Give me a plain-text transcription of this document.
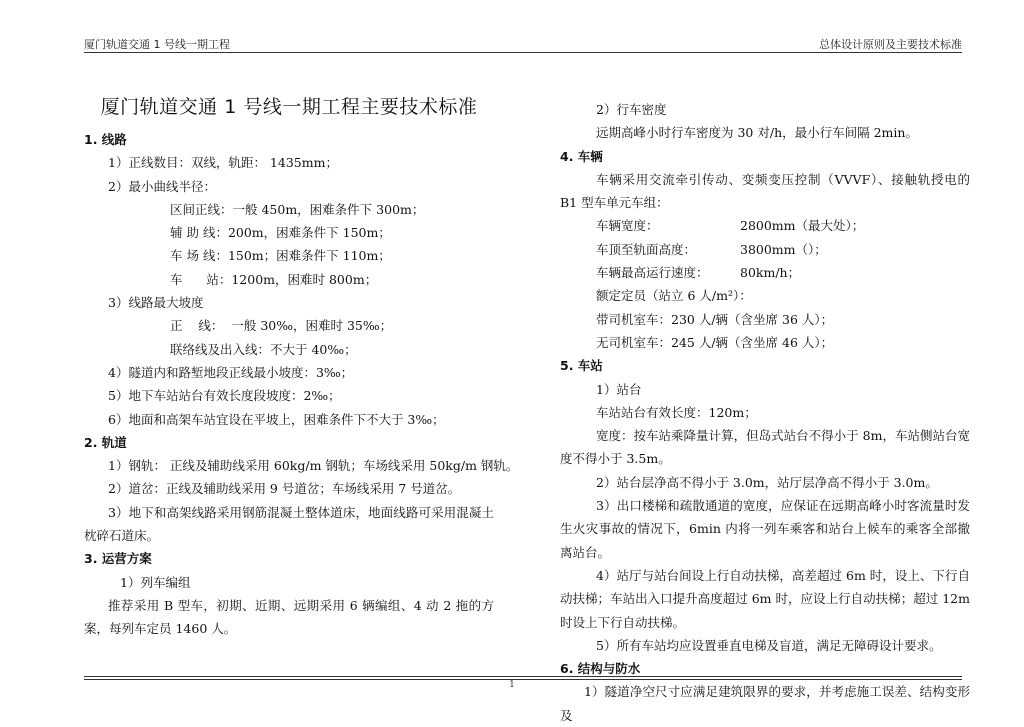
厦门轨道交通 1 号线一期工程	总体设计原则及主要技术标准
厦门轨道交通 1 号线一期工程主要技术标准
1. 线路
1）正线数目：双线，轨距： 1435mm；
2）最小曲线半径：
区间正线：一般 450m，困难条件下 300m；
辅 助 线：200m，困难条件下 150m；
车 场 线：150m；困难条件下 110m；
车      站：1200m，困难时 800m；
3）线路最大坡度
正    线：  一般 30‰，困难时 35‰；
联络线及出入线：不大于 40‰；
4）隧道内和路堑地段正线最小坡度：3‰；
5）地下车站站台有效长度段坡度：2‰；
6）地面和高架车站宜设在平坡上，困难条件下不大于 3‰；
2. 轨道
1）钢轨： 正线及辅助线采用 60kg/m 钢轨；车场线采用 50kg/m 钢轨。
2）道岔：正线及辅助线采用 9 号道岔；车场线采用 7 号道岔。
3）地下和高架线路采用钢筋混凝土整体道床，地面线路可采用混凝土枕碎石道床。
3. 运营方案
1）列车编组
推荐采用 B 型车，初期、近期、远期采用 6 辆编组、4 动 2 拖的方案，每列车定员 1460 人。
2）行车密度
远期高峰小时行车密度为 30 对/h，最小行车间隔 2min。
4. 车辆
车辆采用交流牵引传动、变频变压控制（VVVF）、接触轨授电的 B1 型车单元车组：
车辆宽度：	2800mm（最大处）；
车顶至轨面高度：	3800mm（）；
车辆最高运行速度：	80km/h；
额定定员（站立 6 人/m²）：
带司机室车：230 人/辆（含坐席 36 人）；
无司机室车：245 人/辆（含坐席 46 人）；
5. 车站
1）站台
车站站台有效长度：120m；
宽度：按车站乘降量计算，但岛式站台不得小于 8m，车站侧站台宽度不得小于 3.5m。
2）站台层净高不得小于 3.0m，站厅层净高不得小于 3.0m。
3）出口楼梯和疏散通道的宽度，应保证在远期高峰小时客流量时发生火灾事故的情况下，6min 内将一列车乘客和站台上候车的乘客全部撤离站台。
4）站厅与站台间设上行自动扶梯，高差超过 6m 时，设上、下行自动扶梯；车站出入口提升高度超过 6m 时，应设上行自动扶梯；超过 12m 时设上下行自动扶梯。
5）所有车站均应设置垂直电梯及盲道，满足无障碍设计要求。
6. 结构与防水
1）隧道净空尺寸应满足建筑限界的要求，并考虑施工误差、结构变形及
1
